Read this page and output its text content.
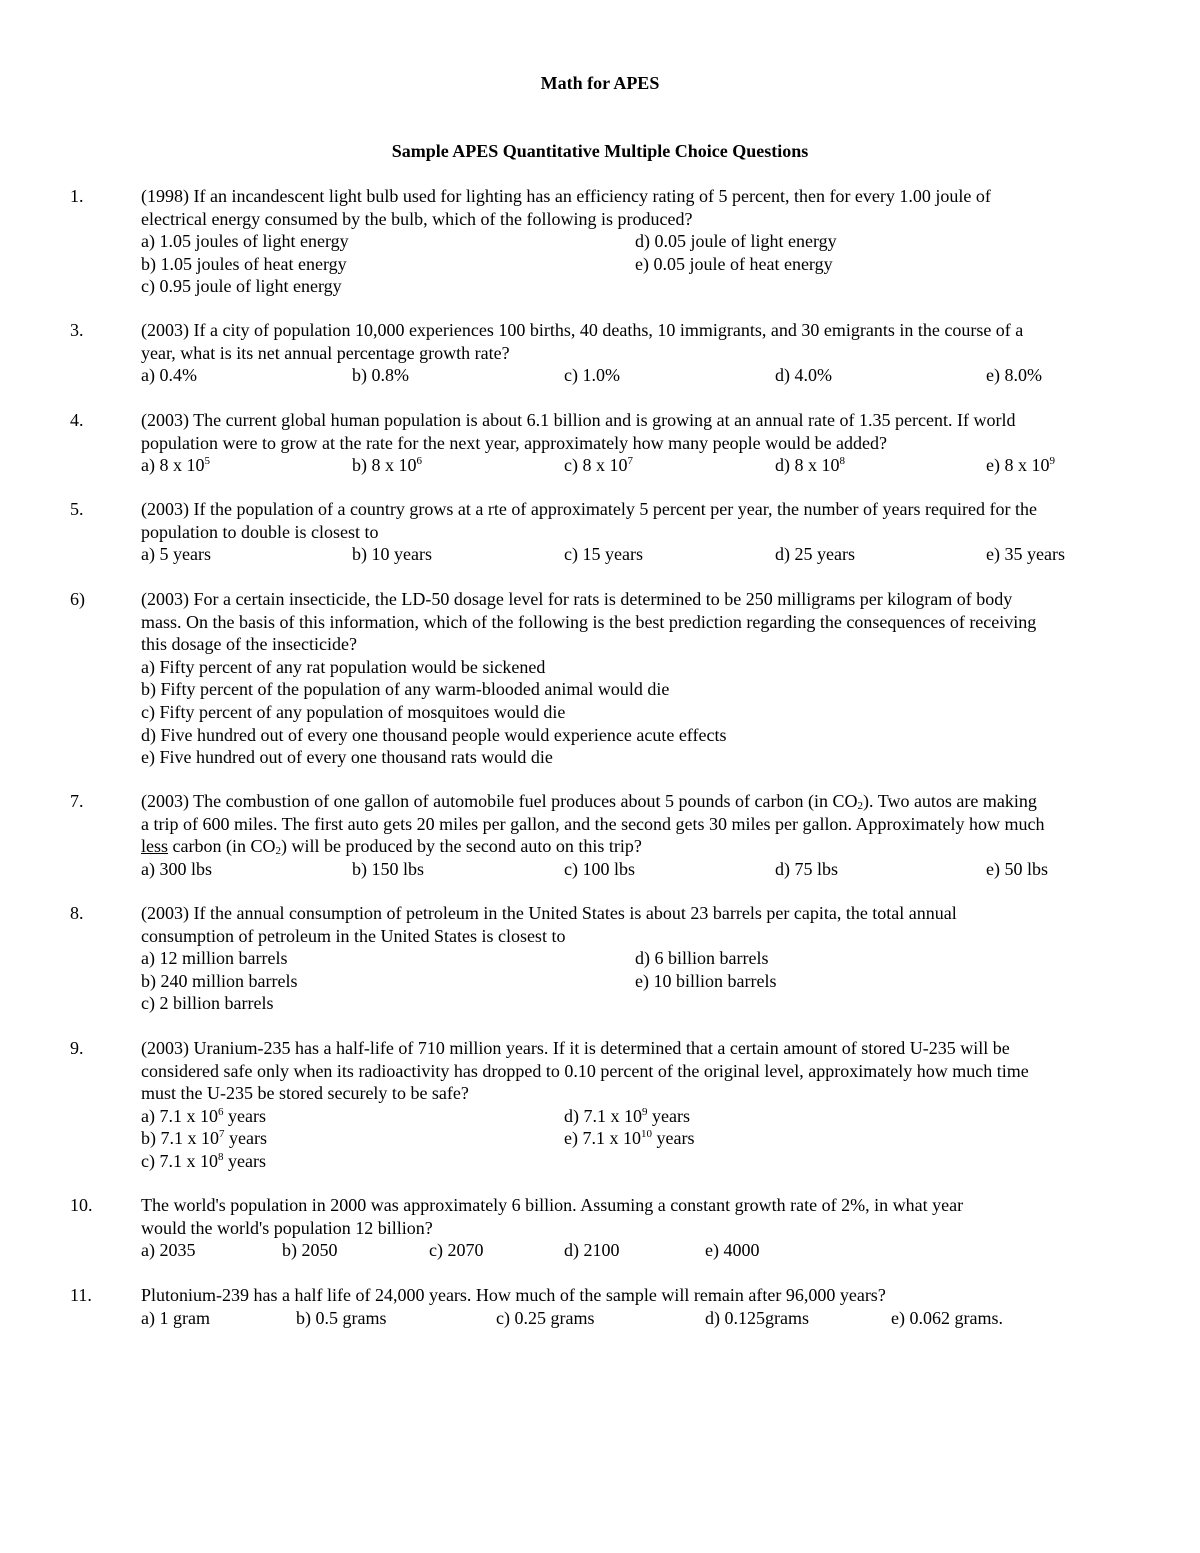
Math for APES
Sample APES Quantitative Multiple Choice Questions
1.	(1998) If an incandescent light bulb used for lighting has an efficiency rating of 5 percent, then for every 1.00 joule of
electrical energy consumed by the bulb, which of the following is produced?
a) 1.05 joules of light energy	d) 0.05 joule of light energy
b) 1.05 joules of heat energy	e) 0.05 joule of heat energy
c) 0.95 joule of light energy
3.	(2003) If a city of population 10,000 experiences 100 births, 40 deaths, 10 immigrants, and 30 emigrants in the course of a
year, what is its net annual percentage growth rate?
a) 0.4%	b) 0.8%	c) 1.0%	d) 4.0%	e) 8.0%
4.	(2003) The current global human population is about 6.1 billion and is growing at an annual rate of 1.35 percent. If world
population were to grow at the rate for the next year, approximately how many people would be added?
a) 8 x $10^5$	b) 8 x $10^6$	c) 8 x $10^7$	d) 8 x $10^8$	e) 8 x $10^9$
5.	(2003) If the population of a country grows at a rte of approximately 5 percent per year, the number of years required for the
population to double is closest to
a) 5 years	b) 10 years	c) 15 years	d) 25 years	e) 35 years
6)	(2003) For a certain insecticide, the LD-50 dosage level for rats is determined to be 250 milligrams per kilogram of body
mass. On the basis of this information, which of the following is the best prediction regarding the consequences of receiving
this dosage of the insecticide?
a) Fifty percent of any rat population would be sickened
b) Fifty percent of the population of any warm-blooded animal would die
c) Fifty percent of any population of mosquitoes would die
d) Five hundred out of every one thousand people would experience acute effects
e) Five hundred out of every one thousand rats would die
7.	(2003) The combustion of one gallon of automobile fuel produces about 5 pounds of carbon (in $CO_2$). Two autos are making
a trip of 600 miles. The first auto gets 20 miles per gallon, and the second gets 30 miles per gallon. Approximately how much
less carbon (in $CO_2$) will be produced by the second auto on this trip?
a) 300 lbs	b) 150 lbs	c) 100 lbs	d) 75 lbs	e) 50 lbs
8.	(2003) If the annual consumption of petroleum in the United States is about 23 barrels per capita, the total annual
consumption of petroleum in the United States is closest to
a) 12 million barrels	d) 6 billion barrels
b) 240 million barrels	e) 10 billion barrels
c) 2 billion barrels
9.	(2003) Uranium-235 has a half-life of 710 million years. If it is determined that a certain amount of stored U-235 will be
considered safe only when its radioactivity has dropped to 0.10 percent of the original level, approximately how much time
must the U-235 be stored securely to be safe?
a) 7.1 x $10^6$ years	d) 7.1 x $10^9$ years
b) 7.1 x $10^7$ years	e) 7.1 x $10^{10}$ years
c) 7.1 x $10^8$ years
10.	The world's population in 2000 was approximately 6 billion. Assuming a constant growth rate of 2%, in what year
would the world's population 12 billion?
a) 2035	b) 2050	c) 2070	d) 2100	e) 4000
11.	Plutonium-239 has a half life of 24,000 years. How much of the sample will remain after 96,000 years?
a) 1 gram	b) 0.5 grams	c) 0.25 grams	d) 0.125grams	e) 0.062 grams.
